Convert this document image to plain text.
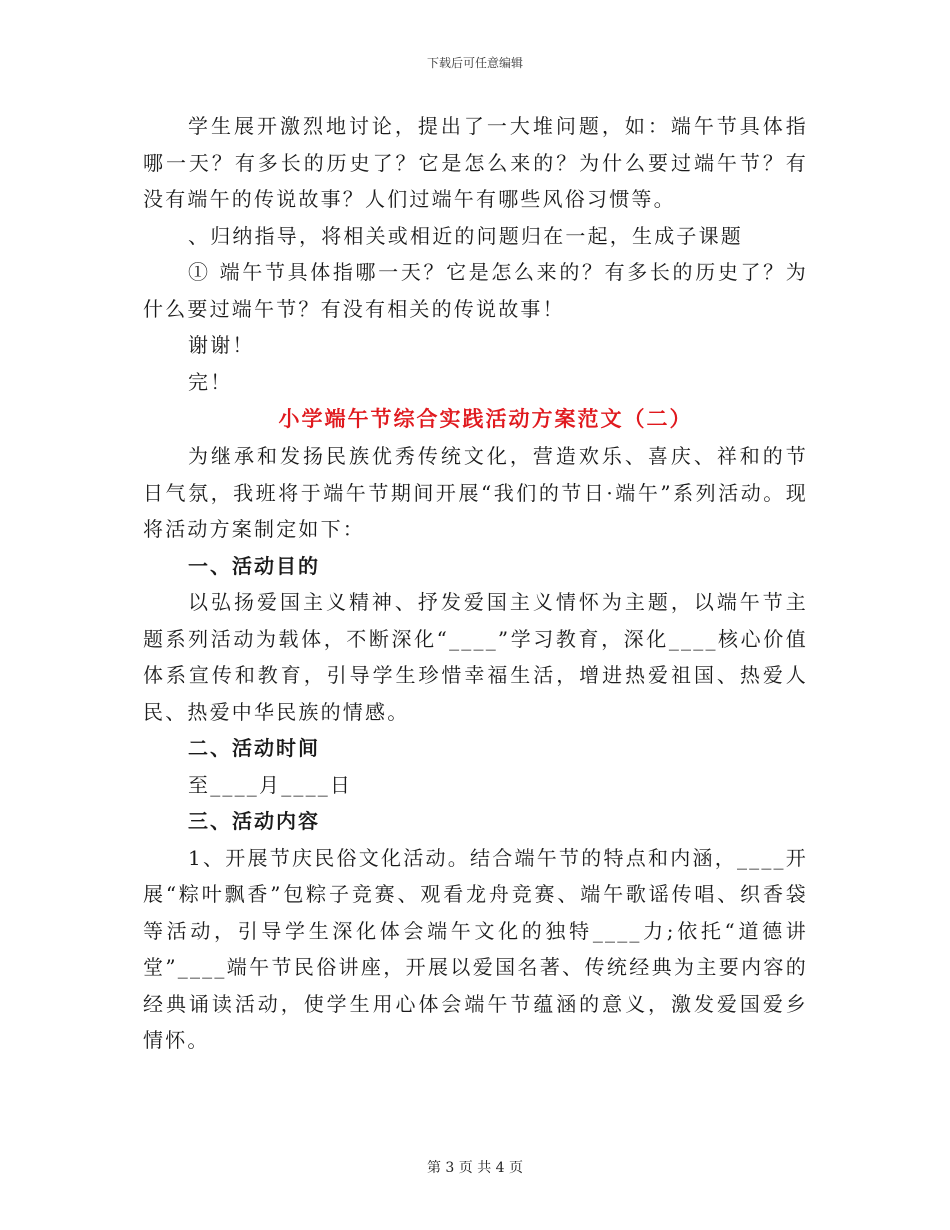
下载后可任意编辑

学生展开激烈地讨论，提出了一大堆问题，如：端午节具体指哪一天？有多长的历史了？它是怎么来的？为什么要过端午节？有没有端午的传说故事？人们过端午有哪些风俗习惯等。

、归纳指导，将相关或相近的问题归在一起，生成子课题

① 端午节具体指哪一天？它是怎么来的？有多长的历史了？为什么要过端午节？有没有相关的传说故事！

谢谢！

完！

小学端午节综合实践活动方案范文（二）

为继承和发扬民族优秀传统文化，营造欢乐、喜庆、祥和的节日气氛，我班将于端午节期间开展“我们的节日·端午”系列活动。现将活动方案制定如下：

一、活动目的

以弘扬爱国主义精神、抒发爱国主义情怀为主题，以端午节主题系列活动为载体，不断深化“____”学习教育，深化____核心价值体系宣传和教育，引导学生珍惜幸福生活，增进热爱祖国、热爱人民、热爱中华民族的情感。

二、活动时间

至____月____日

三、活动内容

1、开展节庆民俗文化活动。结合端午节的特点和内涵，____开展“粽叶飘香”包粽子竞赛、观看龙舟竞赛、端午歌谣传唱、织香袋等活动，引导学生深化体会端午文化的独特____力;依托“道德讲堂”____端午节民俗讲座，开展以爱国名著、传统经典为主要内容的经典诵读活动，使学生用心体会端午节蕴涵的意义，激发爱国爱乡情怀。

第 3 页 共 4 页
